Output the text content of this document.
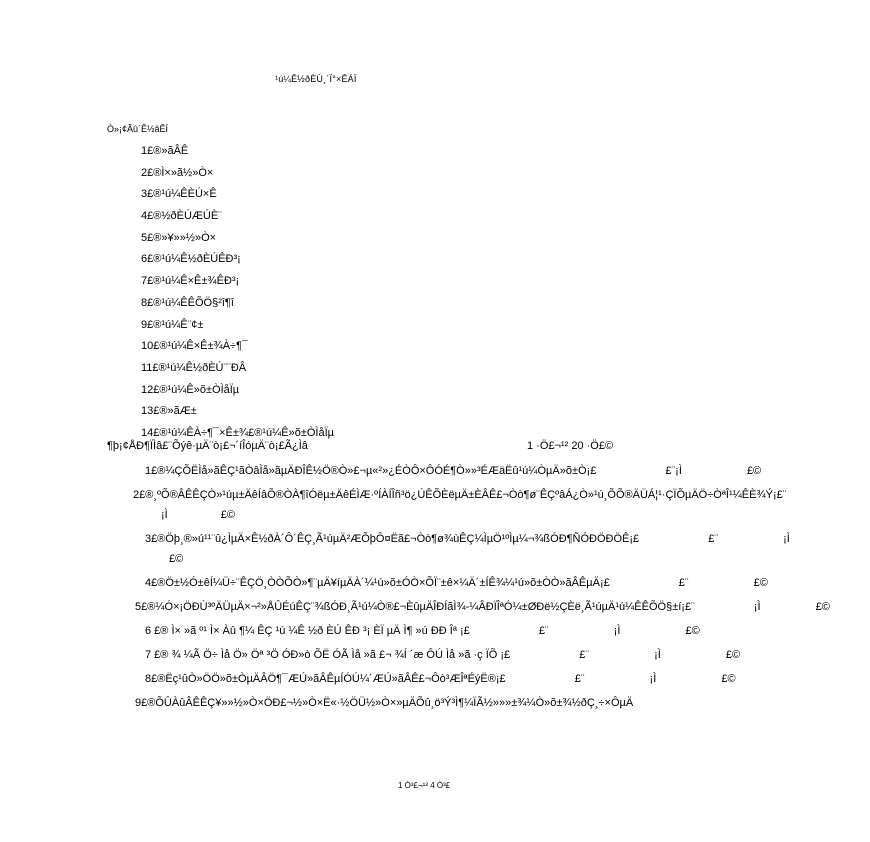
¹ú¼Ê½ðÈÚ¸´Ï°×ÊÁÏ
Ò»¡¢Ãû´Ê½âÊÍ
1£®»ãÂÊ
2£®Ì×»ã½»Ò×
3£®¹ú¼ÊÈÚ×Ê
4£®½ðÈÚÆÚÈ¨
5£®»¥»»½»Ò×
6£®¹ú¼Ê½ðÈÚÊÐ³¡
7£®¹ú¼Ê×Ê±¾ÊÐ³¡
8£®¹ú¼ÊÊÕÖ§²î¶î
9£®¹ú¼Ê¨¢±
10£®¹ú¼Ê×Ê±¾À÷¶¯
11£®¹ú¼Ê½ðÈÚ¨¨ÐÂ
12£®¹ú¼Ê»õ±ÒÌåÏµ
13£®»ãÆ±
14£®¹ú¼ÊÀ÷¶¯×Ê±¾£®¹ú¼Ê»õ±ÒÌåÏµ
¶þ¡¢ÅÐ¶ÏÌâ£¨Õýê·µÄ¨ò¡£¬´íÎóµÄ¨ò¡£Ã¿Ìâ	1 ·Ö£¬¹² 20 ·Ö£©
1£®¼ÇÕËÌå»ãÊÇ¹ãÒâÌå»ãµÄÐÎÊ½Ö®Ò»£¬µ«²»¿ÉÒÔ×ÔÓÉ¶Ò»»³ÉÆäËû¹ú¼ÒµÄ»õ±Ò¡£	£¨¡Ì	£©
2£®¸ºÕ®ÂÊÊÇÒ»¹úµ±ÄêÍâÕ®ÒÀ¶îÓëµ±ÄêÉÌÆ·ºÍÀÍÎñ³ö¿ÚÊÕÈëµÄ±ÈÂÊ£¬Òò¶ø¨ÊÇºâÁ¿Ò»¹ú¸ÕÕ®ÄÜÁ¦¹·ÇÏÕµÄÖ÷ÒªÎ¹¼ÊÈ¾Ý¡£¨ ¡Ì	£©
3£®Öþ¸®»ú¹¹¨û¿ÌµÄ×Ê½ðÀ´Ô´ÊÇ¸Ã¹úµÄ²ÆÕþÔ¤Ëã£¬Òò¶ø¾ùÊÇ¼ÌµÖ¹ºÌµ¼¬¾ßÓÐ¶ÑÓÐÖÐÖÊ¡£	£¨	¡Ì £©
4£®Ö±½Ó±êÍ¼Ü÷¨ÊÇÖ¸ÒÒÕÒ»¶¨µÄ¥íµÄÀ´¼¹ú»õ±ÓÒ×ÕÏ¨±ê×¼Ä´±ÍÊ¾¼¹ú»õ±ÒÒ»ãÂÊµÄ¡£	£¨	£©
5£®¼Ó×¡ÖÐÙ³ºÄÜµÄ×¬²»ÅÛÉúÊÇ¨¾ßÓÐ¸Ã¹ú¼Ò®£¬ÈûµÄÎÐÍãÌ¾-¼ÂÐÏÎªÓ¼±ØÐë½ÇÈë¸Ã¹úµÄ¹ú¼ÊÊÕÖ§±í¡£¨	¡Ì	£©
6 £® Ì× »ã º¹ Ì× Àû ¶¼ ÊÇ ¹ú ¼Ê ½ð ÈÚ ÊÐ ³¡ ÈÏ µÄ Ì¶ »ú ÐÐ Îª ¡£	£¨	¡Ì	£©
7 £® ¾ ¼Ã Ö÷ Ìå Ö» Öª ³Ö ÓÐ»ò ÕË ÓÃ Ìå »ã £¬ ¾Í ´æ ÔÚ Ìå »ã ·ç ÏÕ ¡£	£¨	¡Ì	£©
8£®Ëç¹ûÒ»ÖÖ»õ±ÒµÄÂÖ¶¯ÆÚ»ãÂÊµÍÓÚ¼´ÆÚ»ãÂÊ£¬Ôò³ÆÎªÉýË®¡£	£¨	¡Ì	£©
9£®ÕÛÀûÂÊÊÇ¥»»½»Ò×ÖÐ£¬½»Ò×Ë«·½ÖÜ½»Ò×»µÄÕû¸ö³Ý³Ì¶¼ÏÃ½»»»±¾¼Ò»õ±¾½ðÇ¸÷×ÔµÄ
1 Ò³£¬¹² 4 Ò³£
